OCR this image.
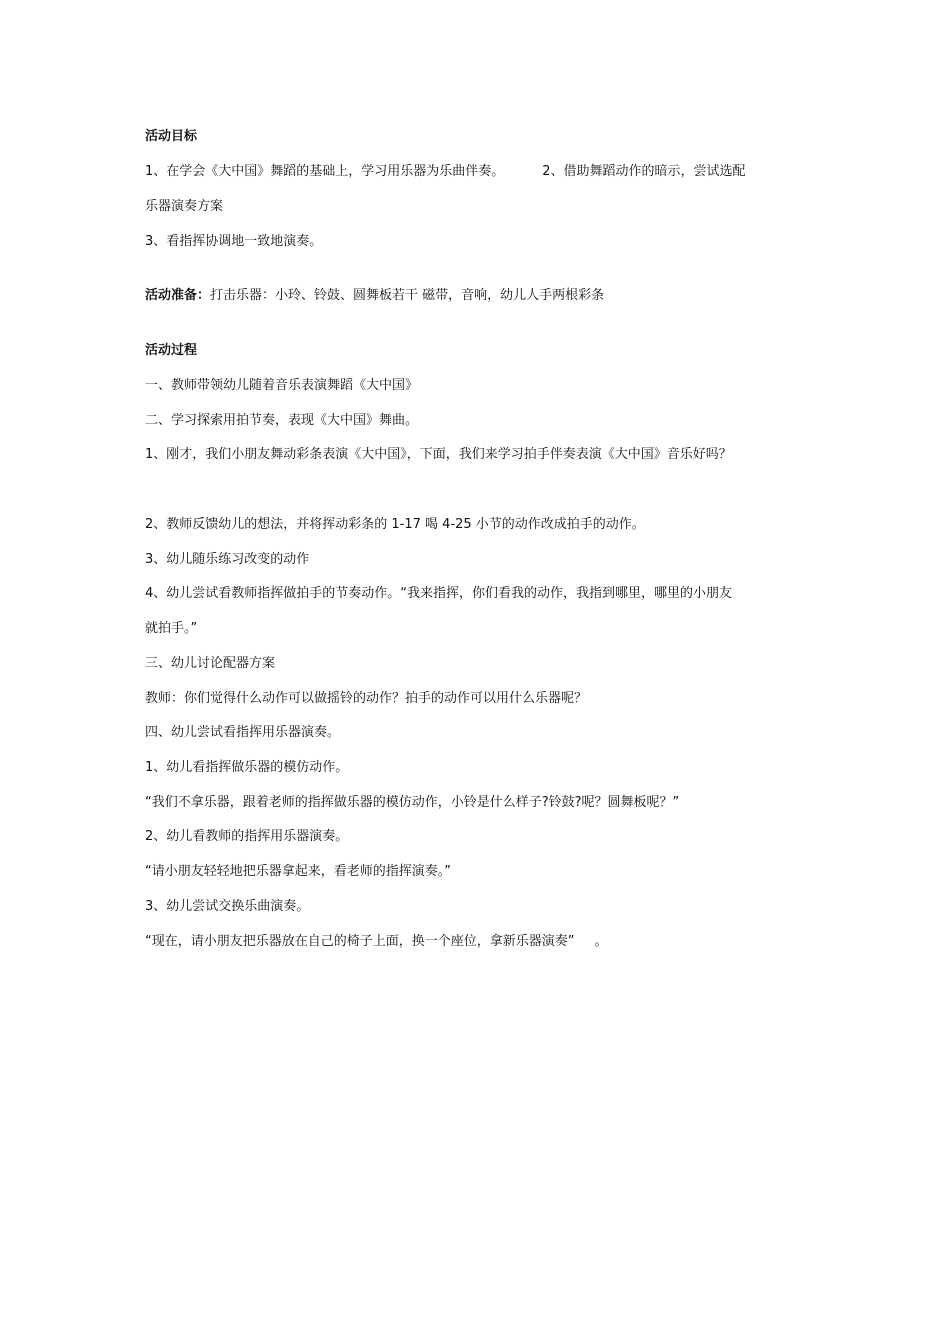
活动目标
1、在学会《大中国》舞蹈的基础上，学习用乐器为乐曲伴奏。	2、借助舞蹈动作的暗示，尝试选配
乐器演奏方案
3、看指挥协调地一致地演奏。
活动准备：打击乐器：小玲、铃鼓、圆舞板若干 磁带，音响，幼儿人手两根彩条
活动过程
一、教师带领幼儿随着音乐表演舞蹈《大中国》
二、学习探索用拍节奏，表现《大中国》舞曲。
1、刚才，我们小朋友舞动彩条表演《大中国》，下面，我们来学习拍手伴奏表演《大中国》音乐好吗？
2、教师反馈幼儿的想法，并将挥动彩条的 1-17 喝 4-25 小节的动作改成拍手的动作。
3、幼儿随乐练习改变的动作
4、幼儿尝试看教师指挥做拍手的节奏动作。“我来指挥，你们看我的动作，我指到哪里，哪里的小朋友
就拍手。”
三、幼儿讨论配器方案
教师：你们觉得什么动作可以做摇铃的动作？拍手的动作可以用什么乐器呢？
四、幼儿尝试看指挥用乐器演奏。
1、幼儿看指挥做乐器的模仿动作。
“我们不拿乐器，跟着老师的指挥做乐器的模仿动作，小铃是什么样子?铃鼓?呢？圆舞板呢？”
2、幼儿看教师的指挥用乐器演奏。
“请小朋友轻轻地把乐器拿起来，看老师的指挥演奏。”
3、幼儿尝试交换乐曲演奏。
“现在，请小朋友把乐器放在自己的椅子上面，换一个座位，拿新乐器演奏” 。
